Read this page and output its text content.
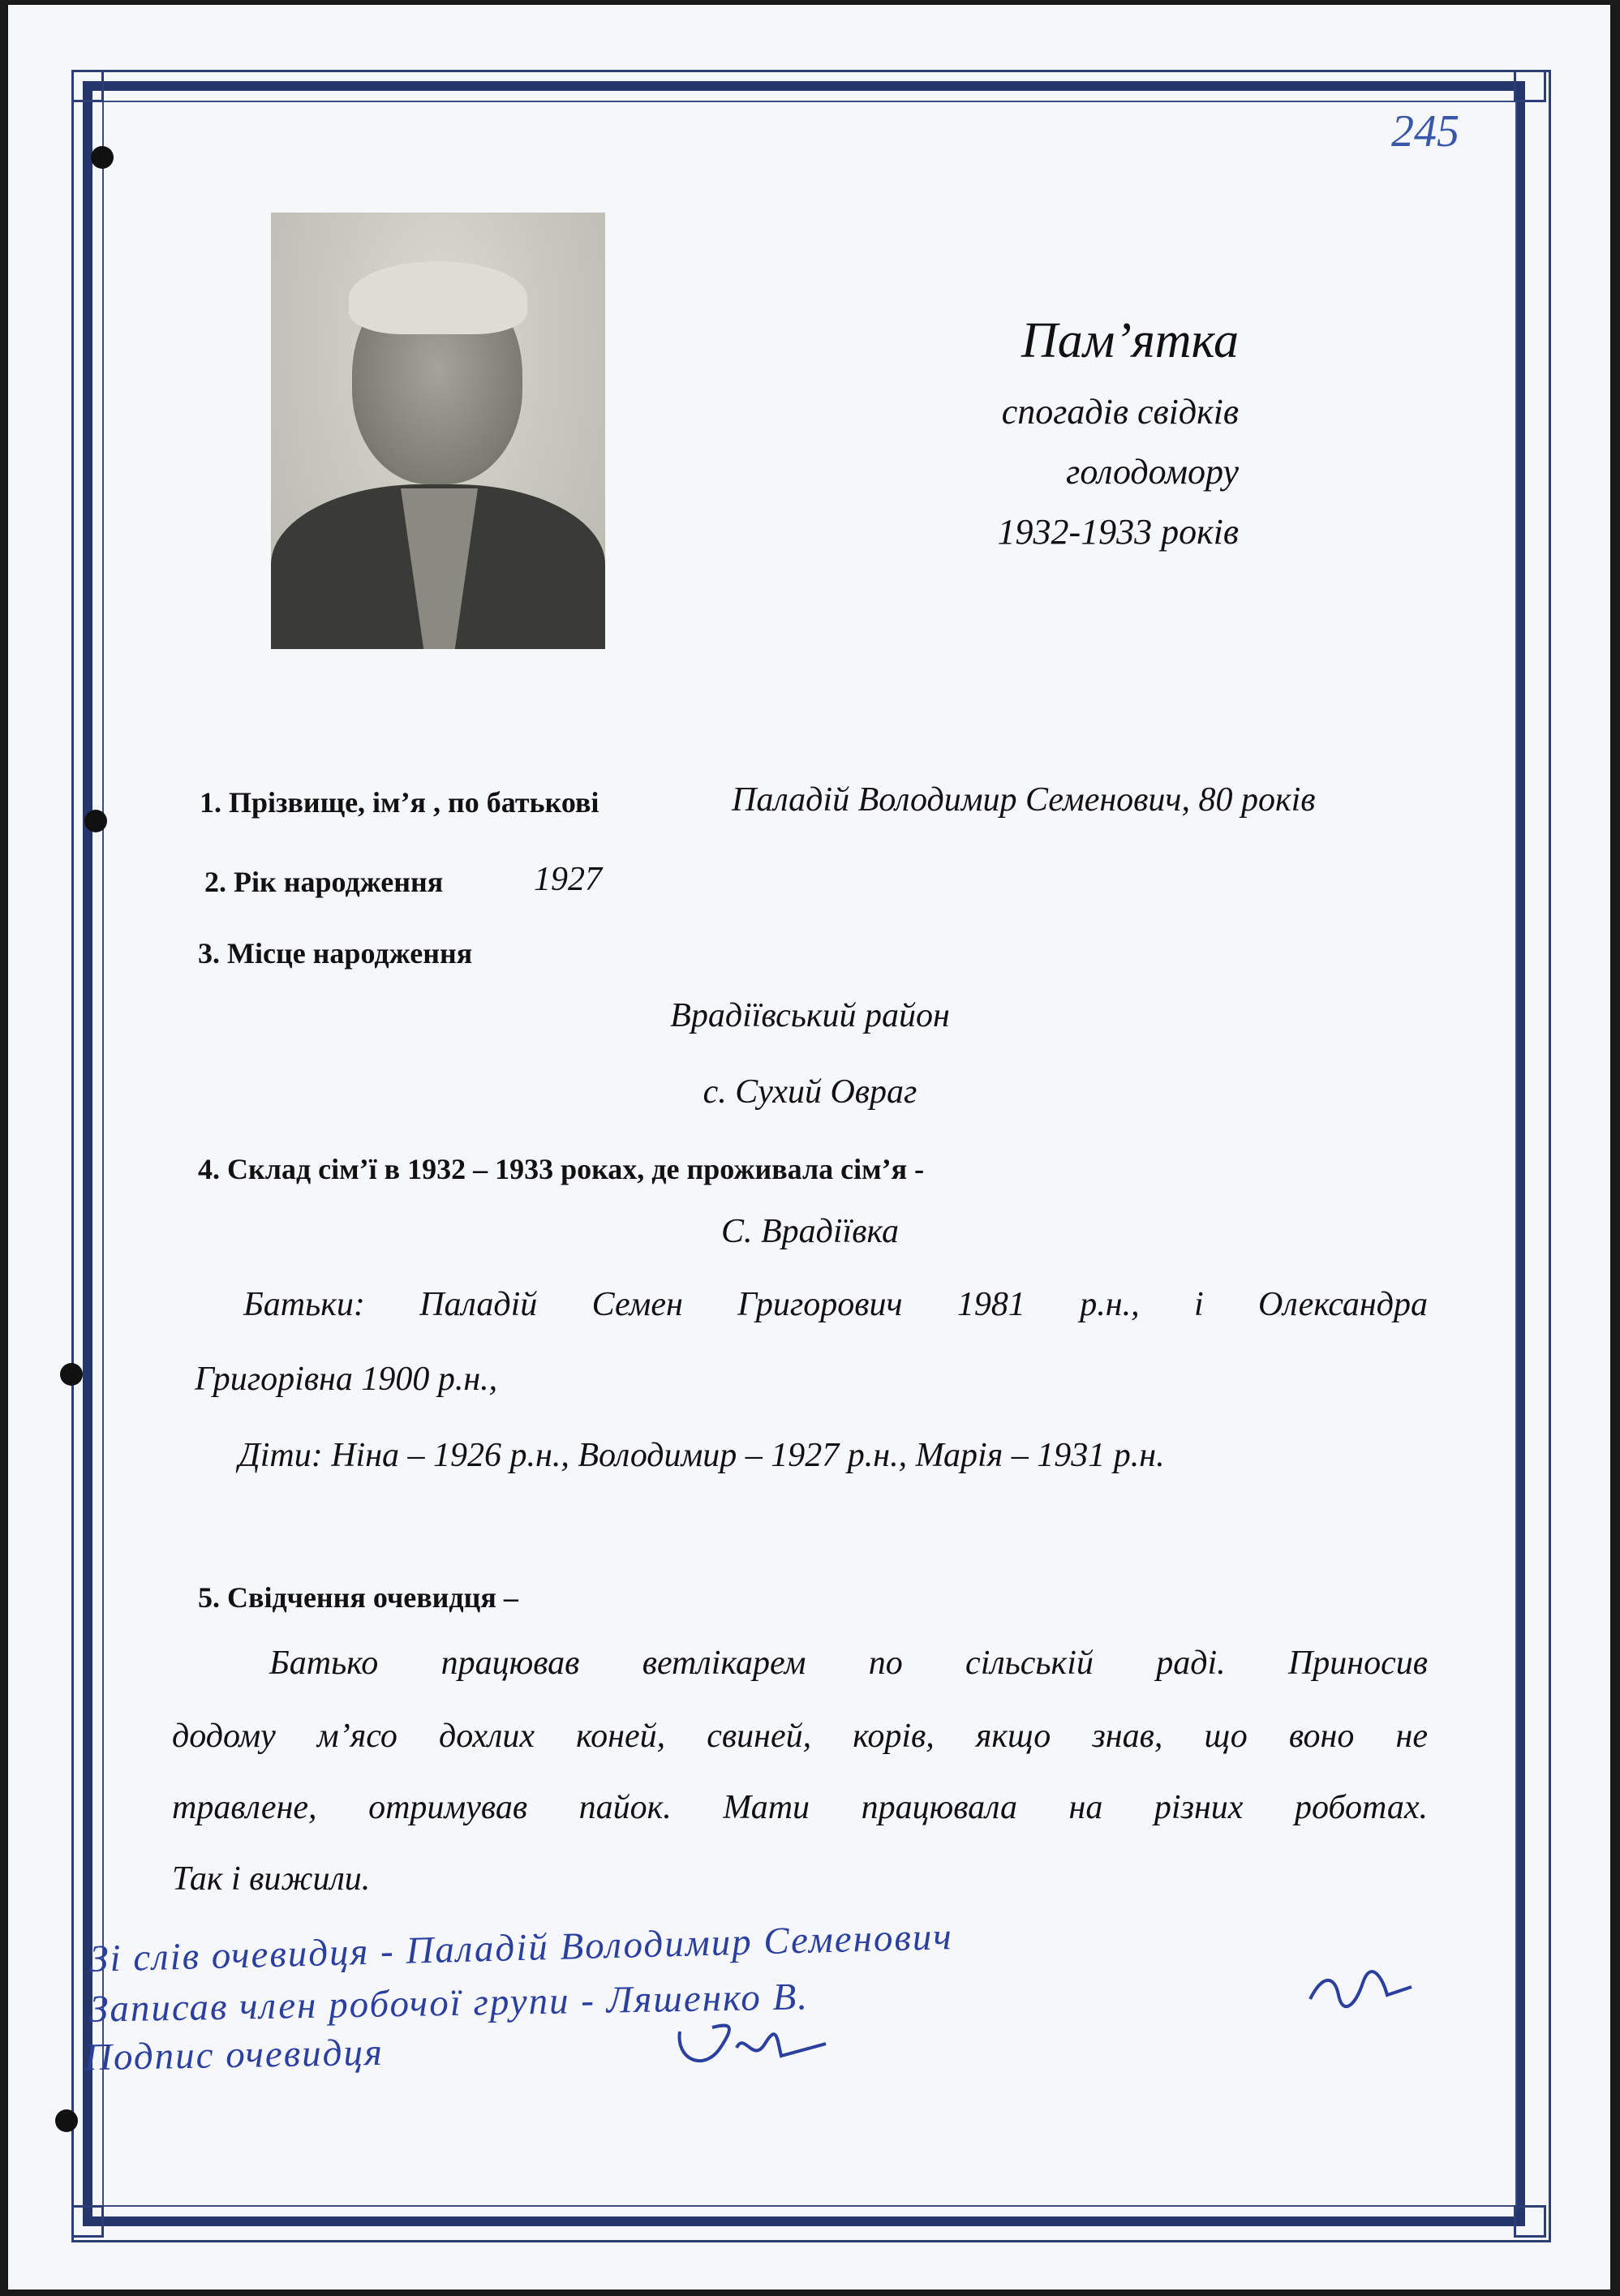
245
Пам’ятка
спогадів свідків
голодомору
1932-1933 років
1. Прізвище, ім’я , по батькові	Паладій Володимир Семенович, 80 років
2. Рік народження	1927
3. Місце народження
Врадіївський район
с. Сухий Овраг
4. Склад сім’ї в 1932 – 1933 роках, де проживала сім’я -
С. Врадіївка
Батьки: Паладій Семен Григорович 1981 р.н., і Олександра
Григорівна 1900 р.н.,
Діти: Ніна – 1926 р.н., Володимир – 1927 р.н., Марія – 1931 р.н.
5. Свідчення очевидця –
Батько працював ветлікарем по сільській раді. Приносив
додому м’ясо дохлих коней, свиней, корів, якщо знав, що воно не
травлене, отримував пайок. Мати працювала на різних роботах.
Так і вижили.
Зі слів очевидця - Паладій Володимир Семенович
Записав член робочої групи - Ляшенко В.
Подпис очевидця
